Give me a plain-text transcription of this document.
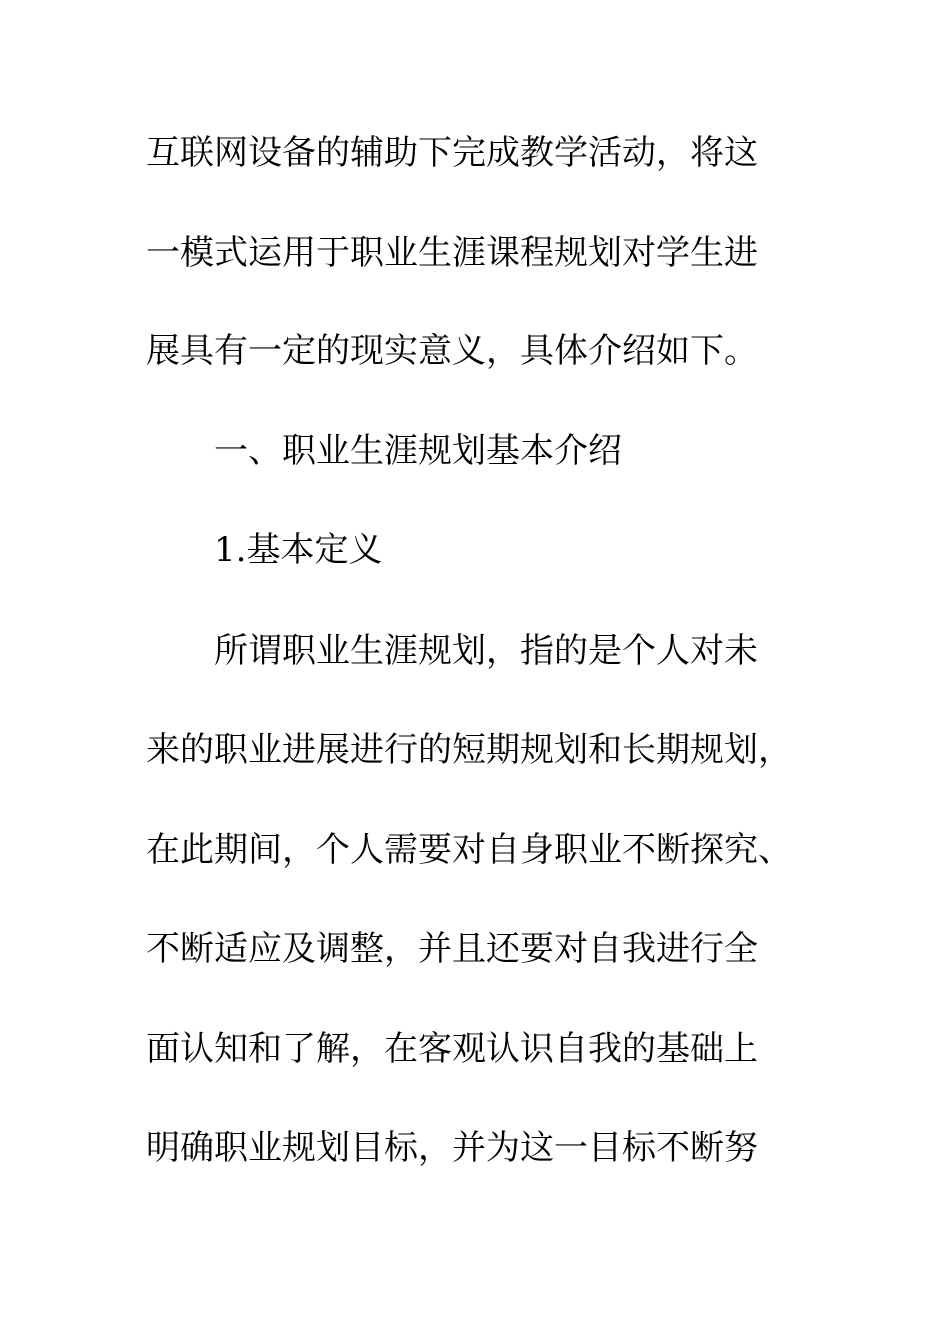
互联网设备的辅助下完成教学活动，将这
一模式运用于职业生涯课程规划对学生进
展具有一定的现实意义，具体介绍如下。
一、职业生涯规划基本介绍
1.基本定义
所谓职业生涯规划，指的是个人对未
来的职业进展进行的短期规划和长期规划，
在此期间，个人需要对自身职业不断探究、
不断适应及调整，并且还要对自我进行全
面认知和了解，在客观认识自我的基础上
明确职业规划目标，并为这一目标不断努
